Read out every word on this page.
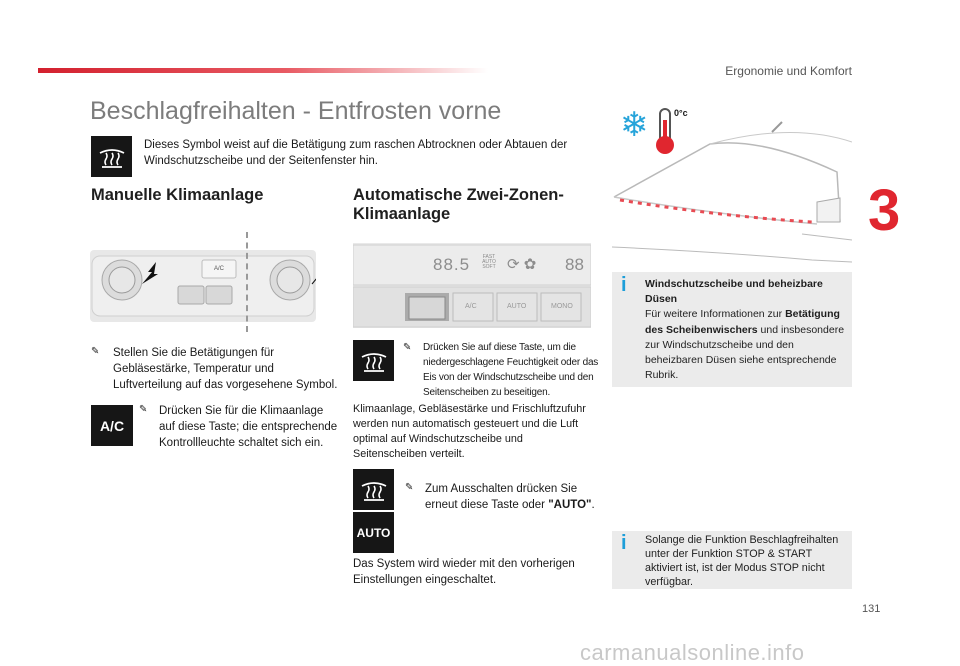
Ergonomie und Komfort
3
Beschlagfreihalten - Entfrosten vorne

Dieses Symbol weist auf die Betätigung zum raschen Abtrocknen oder Abtauen der Windschutzscheibe und der Seitenfenster hin.

Manuelle Klimaanlage
A/C
✎	Stellen Sie die Betätigungen für Gebläsestärke, Temperatur und Luftverteilung auf das vorgesehene Symbol.
A/C
✎	Drücken Sie für die Klimaanlage auf diese Taste; die entsprechende Kontrollleuchte schaltet sich ein.
Automatische Zwei-Zonen-
Klimaanlage
88.5	FAST AUTO SOFT ⟳ ✿ 88
A/C	AUTO	MONO
✎	Drücken Sie auf diese Taste, um die niedergeschlagene Feuchtigkeit oder das Eis von der Windschutzscheibe und den Seitenscheiben zu beseitigen.

Klimaanlage, Gebläsestärke und Frischluftzufuhr werden nun automatisch gesteuert und die Luft optimal auf Windschutzscheibe und Seitenscheiben verteilt.

AUTO
✎	Zum Ausschalten drücken Sie erneut diese Taste oder "AUTO".

Das System wird wieder mit den vorherigen Einstellungen eingeschaltet.

❄	0°c
i Windschutzscheibe und beheizbare Düsen
Für weitere Informationen zur Betätigung des Scheibenwischers und insbesondere zur Windschutzscheibe und den beheizbaren Düsen siehe entsprechende Rubrik.
i Solange die Funktion Beschlagfreihalten unter der Funktion STOP & START aktiviert ist, ist der Modus STOP nicht verfügbar.

131
carmanualsonline.info
